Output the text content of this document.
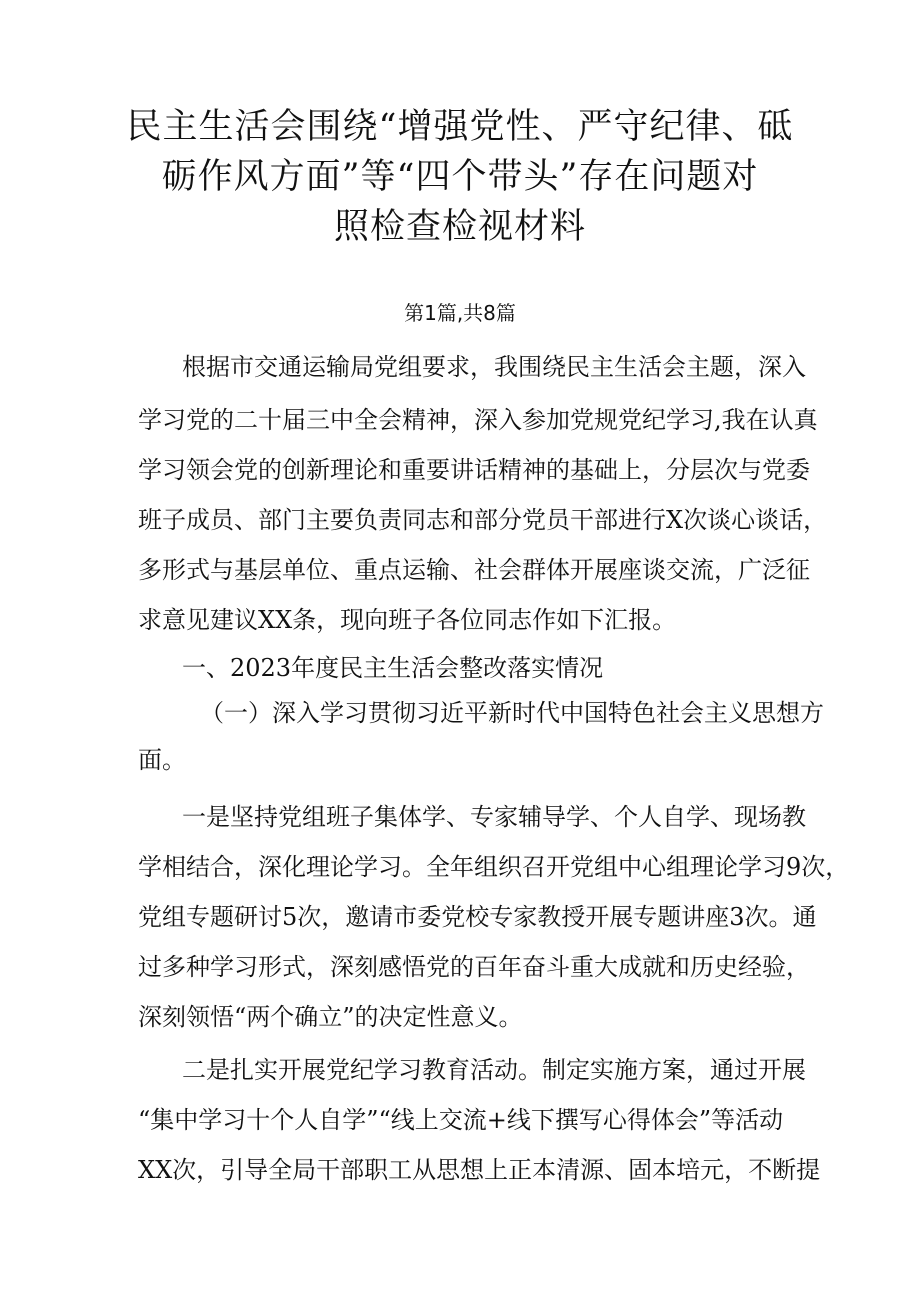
民主生活会围绕“增强党性、严守纪律、砥
砺作风方面”等“四个带头”存在问题对
照检查检视材料
第1篇,共8篇
根据市交通运输局党组要求，我围绕民主生活会主题，深入
学习党的二十届三中全会精神，深入参加党规党纪学习,我在认真
学习领会党的创新理论和重要讲话精神的基础上，分层次与党委
班子成员、部门主要负责同志和部分党员干部进行X次谈心谈话，
多形式与基层单位、重点运输、社会群体开展座谈交流，广泛征
求意见建议XX条，现向班子各位同志作如下汇报。
一、2023年度民主生活会整改落实情况
（一）深入学习贯彻习近平新时代中国特色社会主义思想方
面。
一是坚持党组班子集体学、专家辅导学、个人自学、现场教
学相结合，深化理论学习。全年组织召开党组中心组理论学习9次，
党组专题研讨5次，邀请市委党校专家教授开展专题讲座3次。通
过多种学习形式，深刻感悟党的百年奋斗重大成就和历史经验，
深刻领悟“两个确立”的决定性意义。
二是扎实开展党纪学习教育活动。制定实施方案，通过开展
“集中学习十个人自学”“线上交流+线下撰写心得体会”等活动
XX次，引导全局干部职工从思想上正本清源、固本培元，不断提
